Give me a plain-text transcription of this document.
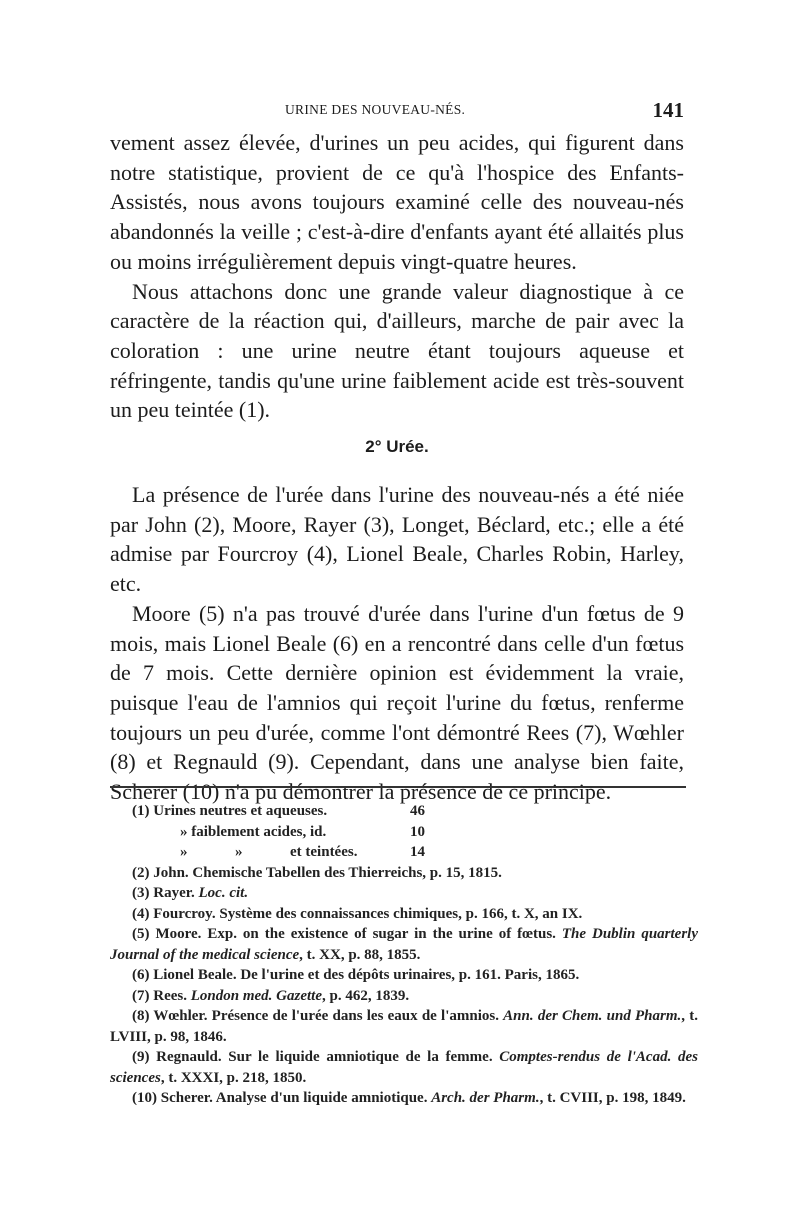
URINE DES NOUVEAU-NÉS.	141

vement assez élevée, d'urines un peu acides, qui figurent dans notre statistique, provient de ce qu'à l'hospice des Enfants-Assistés, nous avons toujours examiné celle des nouveau-nés abandonnés la veille ; c'est-à-dire d'enfants ayant été allaités plus ou moins irrégulièrement depuis vingt-quatre heures.

Nous attachons donc une grande valeur diagnostique à ce caractère de la réaction qui, d'ailleurs, marche de pair avec la coloration : une urine neutre étant toujours aqueuse et réfringente, tandis qu'une urine faiblement acide est très-souvent un peu teintée (1).

2° Urée.

La présence de l'urée dans l'urine des nouveau-nés a été niée par John (2), Moore, Rayer (3), Longet, Béclard, etc.; elle a été admise par Fourcroy (4), Lionel Beale, Charles Robin, Harley, etc.

Moore (5) n'a pas trouvé d'urée dans l'urine d'un fœtus de 9 mois, mais Lionel Beale (6) en a rencontré dans celle d'un fœtus de 7 mois. Cette dernière opinion est évidemment la vraie, puisque l'eau de l'amnios qui reçoit l'urine du fœtus, renferme toujours un peu d'urée, comme l'ont démontré Rees (7), Wœhler (8) et Regnauld (9). Cependant, dans une analyse bien faite, Scherer (10) n'a pu démontrer la présence de ce principe.

(1) Urines neutres et aqueuses.	46
» faiblement acides, id.	10
»	»	et teintées.	14

(2) John. Chemische Tabellen des Thierreichs, p. 15, 1815.

(3) Rayer. Loc. cit.

(4) Fourcroy. Système des connaissances chimiques, p. 166, t. X, an IX.

(5) Moore. Exp. on the existence of sugar in the urine of fœtus. The Dublin quarterly Journal of the medical science, t. XX, p. 88, 1855.

(6) Lionel Beale. De l'urine et des dépôts urinaires, p. 161. Paris, 1865.

(7) Rees. London med. Gazette, p. 462, 1839.

(8) Wœhler. Présence de l'urée dans les eaux de l'amnios. Ann. der Chem. und Pharm., t. LVIII, p. 98, 1846.

(9) Regnauld. Sur le liquide amniotique de la femme. Comptes-rendus de l'Acad. des sciences, t. XXXI, p. 218, 1850.

(10) Scherer. Analyse d'un liquide amniotique. Arch. der Pharm., t. CVIII, p. 198, 1849.
